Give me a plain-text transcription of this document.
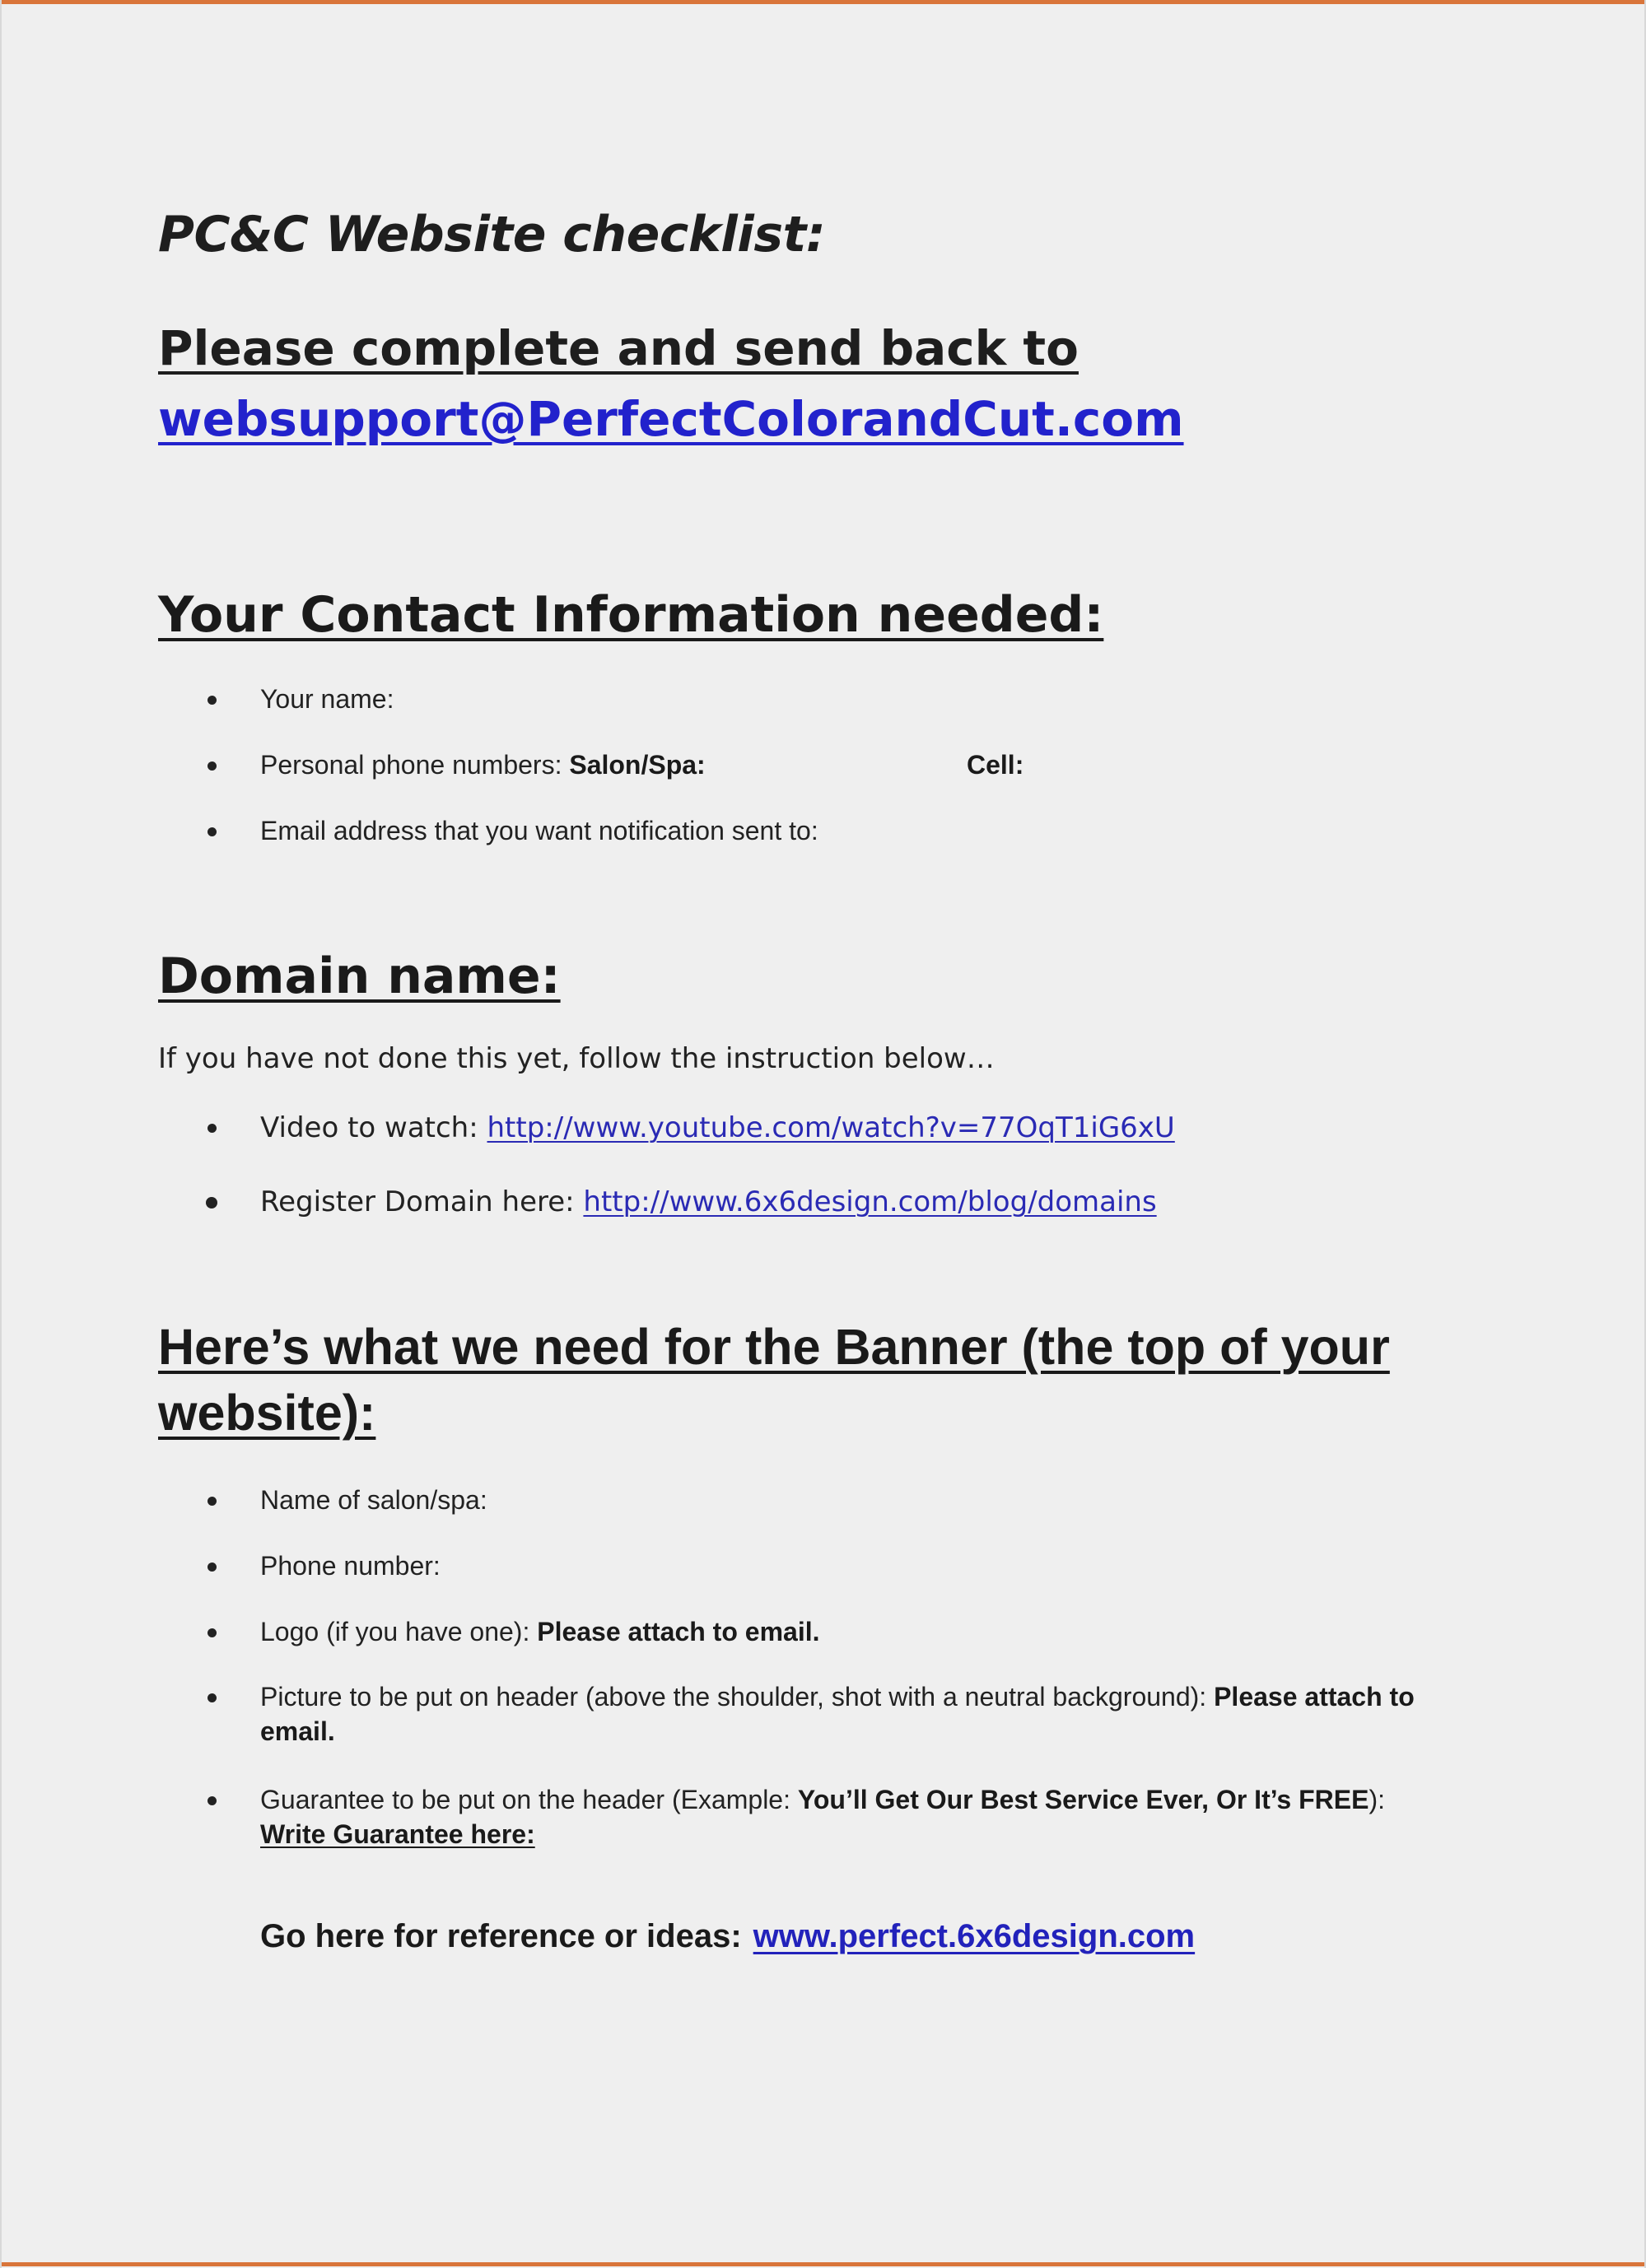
PC&C Website checklist:
Please complete and send back to
websupport@PerfectColorandCut.com
Your Contact Information needed:
Your name:
Personal phone numbers: Salon/Spa:	Cell:
Email address that you want notification sent to:
Domain name:
If you have not done this yet, follow the instruction below…
Video to watch: http://www.youtube.com/watch?v=77OqT1iG6xU
Register Domain here: http://www.6x6design.com/blog/domains
Here’s what we need for the Banner (the top of your website):
Name of salon/spa:
Phone number:
Logo (if you have one): Please attach to email.
Picture to be put on header (above the shoulder, shot with a neutral background): Please attach to
email.
Guarantee to be put on the header (Example: You’ll Get Our Best Service Ever, Or It’s FREE):
Write Guarantee here:
Go here for reference or ideas: www.perfect.6x6design.com
